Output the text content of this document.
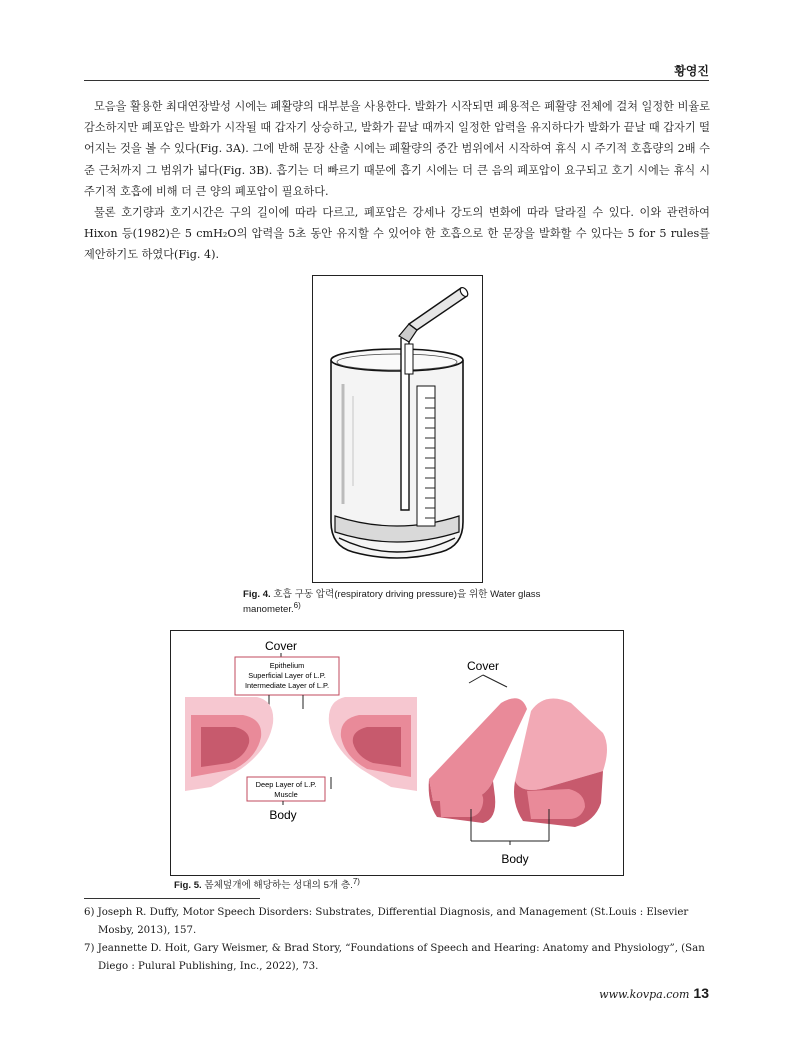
황영진

모음을 활용한 최대연장발성 시에는 폐활량의 대부분을 사용한다. 발화가 시작되면 폐용적은 폐활량 전체에 걸쳐 일정한 비율로 감소하지만 폐포압은 발화가 시작될 때 갑자기 상승하고, 발화가 끝날 때까지 일정한 압력을 유지하다가 발화가 끝날 때 갑자기 떨어지는 것을 볼 수 있다(Fig. 3A). 그에 반해 문장 산출 시에는 폐활량의 중간 범위에서 시작하여 휴식 시 주기적 호흡량의 2배 수준 근처까지 그 범위가 넓다(Fig. 3B). 흡기는 더 빠르기 때문에 흡기 시에는 더 큰 음의 폐포압이 요구되고 호기 시에는 휴식 시 주기적 호흡에 비해 더 큰 양의 폐포압이 필요하다.

물론 호기량과 호기시간은 구의 길이에 따라 다르고, 폐포압은 강세나 강도의 변화에 따라 달라질 수 있다. 이와 관련하여 Hixon 등(1982)은 5 cmH₂O의 압력을 5초 동안 유지할 수 있어야 한 호흡으로 한 문장을 발화할 수 있다는 5 for 5 rules를 제안하기도 하였다(Fig. 4).

Fig. 4. 호흡 구동 압력(respiratory driving pressure)을 위한 Water glass manometer.$^{6)}$
Cover
Epithelium
Superficial Layer of L.P.
Intermediate Layer of L.P.
Deep Layer of L.P.
Muscle
Body
Cover
Body
Fig. 5. 몸체덮개에 해당하는 성대의 5개 층.$^{7)}$
6) Joseph R. Duffy, Motor Speech Disorders: Substrates, Differential Diagnosis, and Management (St.Louis : Elsevier Mosby, 2013), 157.
7) Jeannette D. Hoit, Gary Weismer, & Brad Story, “Foundations of Speech and Hearing: Anatomy and Physiology”, (San Diego : Pulural Publishing, Inc., 2022), 73.
www.kovpa.com 13
